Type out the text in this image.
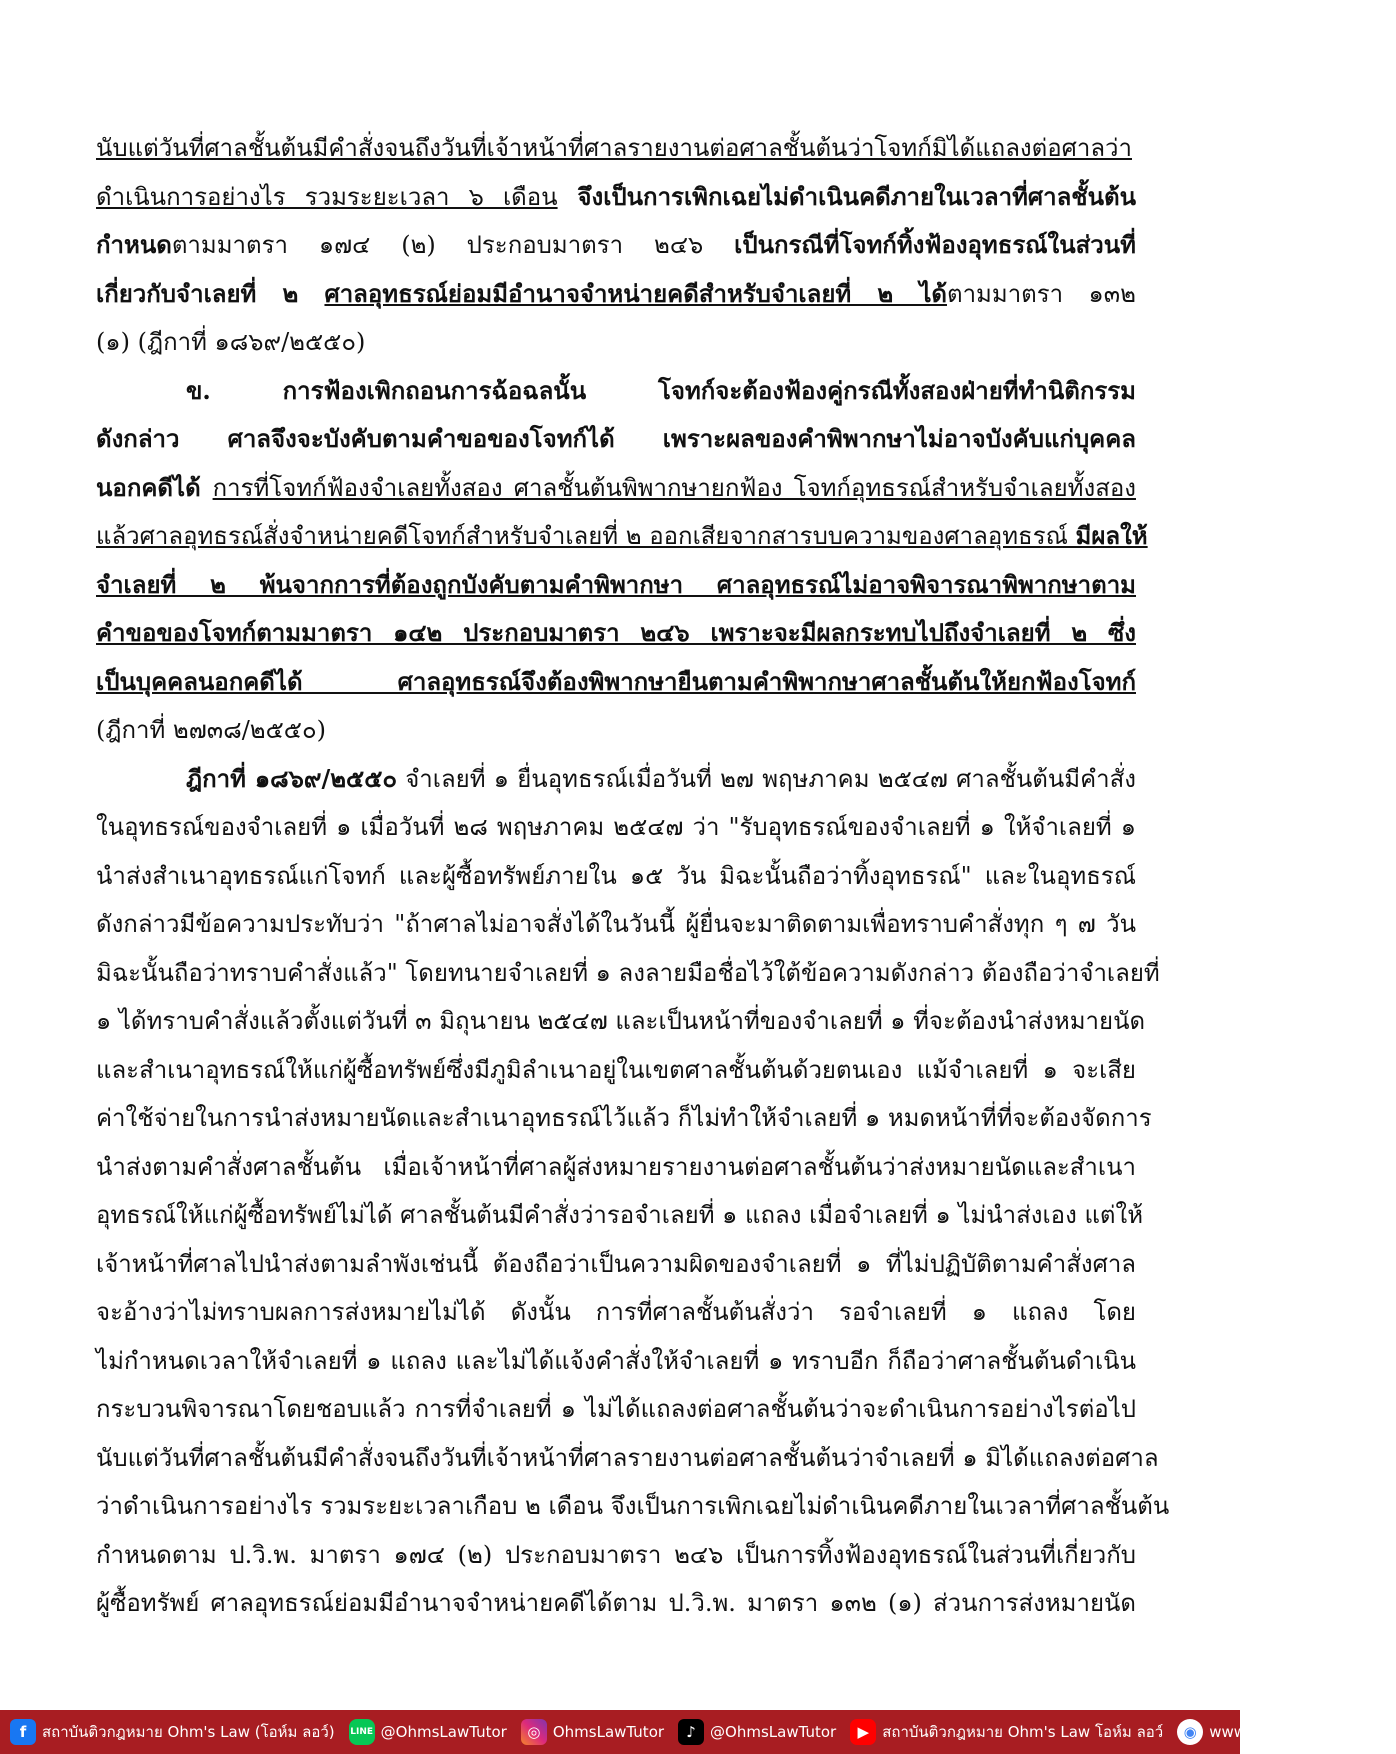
นับแต่วันที่ศาลชั้นต้นมีคำสั่งจนถึงวันที่เจ้าหน้าที่ศาลรายงานต่อศาลชั้นต้นว่าโจทก์มิได้แถลงต่อศาลว่า
ดำเนินการอย่างไร รวมระยะเวลา ๖ เดือน จึงเป็นการเพิกเฉยไม่ดำเนินคดีภายในเวลาที่ศาลชั้นต้น
กำหนดตามมาตรา ๑๗๔ (๒) ประกอบมาตรา ๒๔๖ เป็นกรณีที่โจทก์ทิ้งฟ้องอุทธรณ์ในส่วนที่
เกี่ยวกับจำเลยที่ ๒ ศาลอุทธรณ์ย่อมมีอำนาจจำหน่ายคดีสำหรับจำเลยที่ ๒ ได้ตามมาตรา ๑๓๒
(๑) (ฎีกาที่ ๑๘๖๙/๒๕๕๐)
ข. การฟ้องเพิกถอนการฉ้อฉลนั้น โจทก์จะต้องฟ้องคู่กรณีทั้งสองฝ่ายที่ทำนิติกรรม
ดังกล่าว ศาลจึงจะบังคับตามคำขอของโจทก์ได้ เพราะผลของคำพิพากษาไม่อาจบังคับแก่บุคคล
นอกคดีได้ การที่โจทก์ฟ้องจำเลยทั้งสอง ศาลชั้นต้นพิพากษายกฟ้อง โจทก์อุทธรณ์สำหรับจำเลยทั้งสอง
แล้วศาลอุทธรณ์สั่งจำหน่ายคดีโจทก์สำหรับจำเลยที่ ๒ ออกเสียจากสารบบความของศาลอุทธรณ์ มีผลให้
จำเลยที่ ๒ พ้นจากการที่ต้องถูกบังคับตามคำพิพากษา ศาลอุทธรณ์ไม่อาจพิจารณาพิพากษาตาม
คำขอของโจทก์ตามมาตรา ๑๔๒ ประกอบมาตรา ๒๔๖ เพราะจะมีผลกระทบไปถึงจำเลยที่ ๒ ซึ่ง
เป็นบุคคลนอกคดีได้ ศาลอุทธรณ์จึงต้องพิพากษายืนตามคำพิพากษาศาลชั้นต้นให้ยกฟ้องโจทก์
(ฎีกาที่ ๒๗๓๘/๒๕๕๐)
ฎีกาที่ ๑๘๖๙/๒๕๕๐ จำเลยที่ ๑ ยื่นอุทธรณ์เมื่อวันที่ ๒๗ พฤษภาคม ๒๕๔๗ ศาลชั้นต้นมีคำสั่ง
ในอุทธรณ์ของจำเลยที่ ๑ เมื่อวันที่ ๒๘ พฤษภาคม ๒๕๔๗ ว่า "รับอุทธรณ์ของจำเลยที่ ๑ ให้จำเลยที่ ๑
นำส่งสำเนาอุทธรณ์แก่โจทก์ และผู้ซื้อทรัพย์ภายใน ๑๕ วัน มิฉะนั้นถือว่าทิ้งอุทธรณ์" และในอุทธรณ์
ดังกล่าวมีข้อความประทับว่า "ถ้าศาลไม่อาจสั่งได้ในวันนี้ ผู้ยื่นจะมาติดตามเพื่อทราบคำสั่งทุก ๆ ๗ วัน
มิฉะนั้นถือว่าทราบคำสั่งแล้ว" โดยทนายจำเลยที่ ๑ ลงลายมือชื่อไว้ใต้ข้อความดังกล่าว ต้องถือว่าจำเลยที่
๑ ได้ทราบคำสั่งแล้วตั้งแต่วันที่ ๓ มิถุนายน ๒๕๔๗ และเป็นหน้าที่ของจำเลยที่ ๑ ที่จะต้องนำส่งหมายนัด
และสำเนาอุทธรณ์ให้แก่ผู้ซื้อทรัพย์ซึ่งมีภูมิลำเนาอยู่ในเขตศาลชั้นต้นด้วยตนเอง แม้จำเลยที่ ๑ จะเสีย
ค่าใช้จ่ายในการนำส่งหมายนัดและสำเนาอุทธรณ์ไว้แล้ว ก็ไม่ทำให้จำเลยที่ ๑ หมดหน้าที่ที่จะต้องจัดการ
นำส่งตามคำสั่งศาลชั้นต้น เมื่อเจ้าหน้าที่ศาลผู้ส่งหมายรายงานต่อศาลชั้นต้นว่าส่งหมายนัดและสำเนา
อุทธรณ์ให้แก่ผู้ซื้อทรัพย์ไม่ได้ ศาลชั้นต้นมีคำสั่งว่ารอจำเลยที่ ๑ แถลง เมื่อจำเลยที่ ๑ ไม่นำส่งเอง แต่ให้
เจ้าหน้าที่ศาลไปนำส่งตามลำพังเช่นนี้ ต้องถือว่าเป็นความผิดของจำเลยที่ ๑ ที่ไม่ปฏิบัติตามคำสั่งศาล
จะอ้างว่าไม่ทราบผลการส่งหมายไม่ได้ ดังนั้น การที่ศาลชั้นต้นสั่งว่า รอจำเลยที่ ๑ แถลง โดย
ไม่กำหนดเวลาให้จำเลยที่ ๑ แถลง และไม่ได้แจ้งคำสั่งให้จำเลยที่ ๑ ทราบอีก ก็ถือว่าศาลชั้นต้นดำเนิน
กระบวนพิจารณาโดยชอบแล้ว การที่จำเลยที่ ๑ ไม่ได้แถลงต่อศาลชั้นต้นว่าจะดำเนินการอย่างไรต่อไป
นับแต่วันที่ศาลชั้นต้นมีคำสั่งจนถึงวันที่เจ้าหน้าที่ศาลรายงานต่อศาลชั้นต้นว่าจำเลยที่ ๑ มิได้แถลงต่อศาล
ว่าดำเนินการอย่างไร รวมระยะเวลาเกือบ ๒ เดือน จึงเป็นการเพิกเฉยไม่ดำเนินคดีภายในเวลาที่ศาลชั้นต้น
กำหนดตาม ป.วิ.พ. มาตรา ๑๗๔ (๒) ประกอบมาตรา ๒๔๖ เป็นการทิ้งฟ้องอุทธรณ์ในส่วนที่เกี่ยวกับ
ผู้ซื้อทรัพย์ ศาลอุทธรณ์ย่อมมีอำนาจจำหน่ายคดีได้ตาม ป.วิ.พ. มาตรา ๑๓๒ (๑) ส่วนการส่งหมายนัด
f	สถาบันติวกฎหมาย Ohm's Law (โอห์ม ลอว์) LINE @OhmsLawTutor	◎ OhmsLawTutor	♪ @OhmsLawTutor	▶ สถาบันติวกฎหมาย Ohm's Law โอห์ม ลอว์	◉ www.OhmsLawTutor.com
